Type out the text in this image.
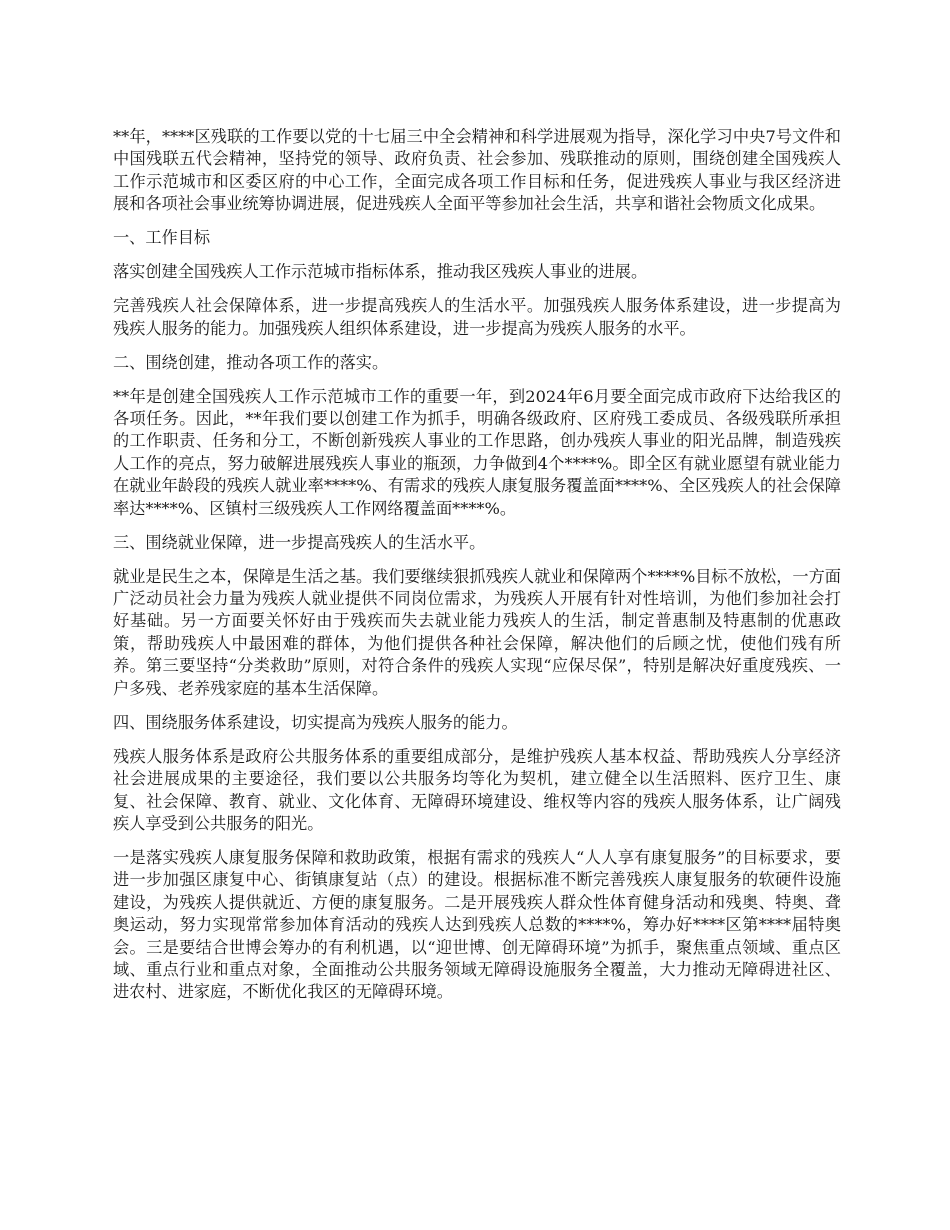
**年，****区残联的工作要以党的十七届三中全会精神和科学进展观为指导，深化学习中央7号文件和中国残联五代会精神，坚持党的领导、政府负责、社会参加、残联推动的原则，围绕创建全国残疾人工作示范城市和区委区府的中心工作，全面完成各项工作目标和任务，促进残疾人事业与我区经济进展和各项社会事业统筹协调进展，促进残疾人全面平等参加社会生活，共享和谐社会物质文化成果。

一、工作目标

落实创建全国残疾人工作示范城市指标体系，推动我区残疾人事业的进展。

完善残疾人社会保障体系，进一步提高残疾人的生活水平。加强残疾人服务体系建设，进一步提高为残疾人服务的能力。加强残疾人组织体系建设，进一步提高为残疾人服务的水平。

二、围绕创建，推动各项工作的落实。

**年是创建全国残疾人工作示范城市工作的重要一年，到2024年6月要全面完成市政府下达给我区的各项任务。因此，**年我们要以创建工作为抓手，明确各级政府、区府残工委成员、各级残联所承担的工作职责、任务和分工，不断创新残疾人事业的工作思路，创办残疾人事业的阳光品牌，制造残疾人工作的亮点，努力破解进展残疾人事业的瓶颈，力争做到4个****%。即全区有就业愿望有就业能力在就业年龄段的残疾人就业率****%、有需求的残疾人康复服务覆盖面****%、全区残疾人的社会保障率达****%、区镇村三级残疾人工作网络覆盖面****%。

三、围绕就业保障，进一步提高残疾人的生活水平。

就业是民生之本，保障是生活之基。我们要继续狠抓残疾人就业和保障两个****%目标不放松，一方面广泛动员社会力量为残疾人就业提供不同岗位需求，为残疾人开展有针对性培训，为他们参加社会打好基础。另一方面要关怀好由于残疾而失去就业能力残疾人的生活，制定普惠制及特惠制的优惠政策，帮助残疾人中最困难的群体，为他们提供各种社会保障，解决他们的后顾之忧，使他们残有所养。第三要坚持“分类救助”原则，对符合条件的残疾人实现“应保尽保”，特别是解决好重度残疾、一户多残、老养残家庭的基本生活保障。

四、围绕服务体系建设，切实提高为残疾人服务的能力。

残疾人服务体系是政府公共服务体系的重要组成部分，是维护残疾人基本权益、帮助残疾人分享经济社会进展成果的主要途径，我们要以公共服务均等化为契机，建立健全以生活照料、医疗卫生、康复、社会保障、教育、就业、文化体育、无障碍环境建设、维权等内容的残疾人服务体系，让广阔残疾人享受到公共服务的阳光。

一是落实残疾人康复服务保障和救助政策，根据有需求的残疾人“人人享有康复服务”的目标要求，要进一步加强区康复中心、街镇康复站（点）的建设。根据标准不断完善残疾人康复服务的软硬件设施建设，为残疾人提供就近、方便的康复服务。二是开展残疾人群众性体育健身活动和残奥、特奥、聋奥运动，努力实现常常参加体育活动的残疾人达到残疾人总数的****%，筹办好****区第****届特奥会。三是要结合世博会筹办的有利机遇，以“迎世博、创无障碍环境”为抓手，聚焦重点领域、重点区域、重点行业和重点对象，全面推动公共服务领域无障碍设施服务全覆盖，大力推动无障碍进社区、进农村、进家庭，不断优化我区的无障碍环境。
